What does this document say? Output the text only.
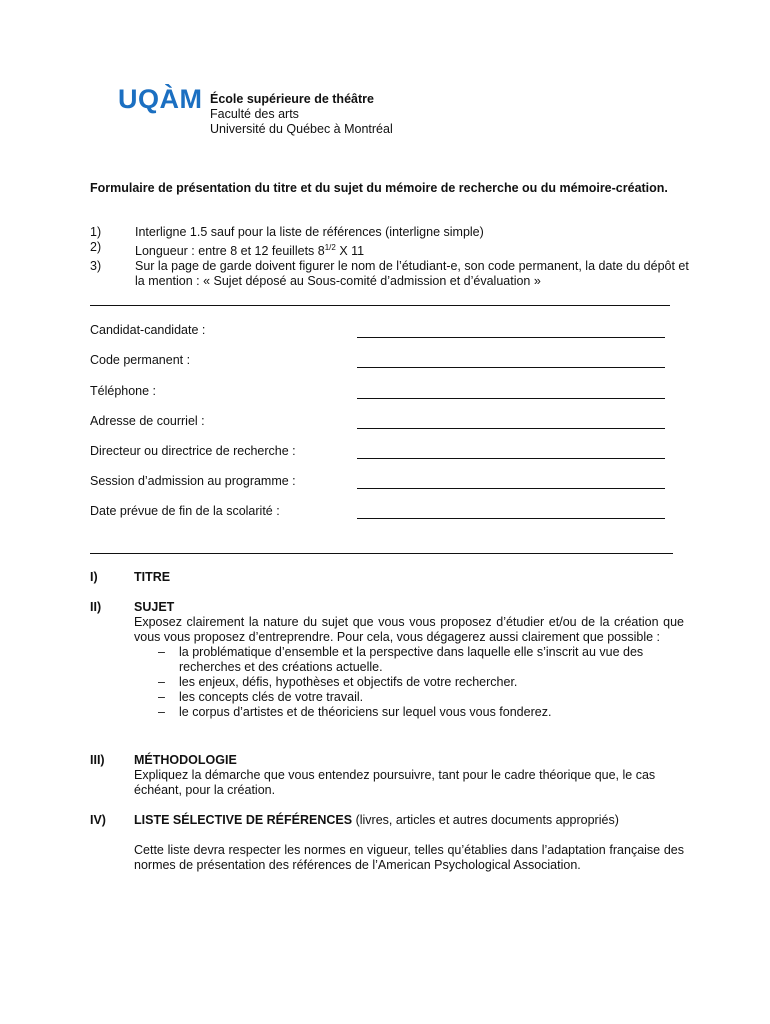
UQÀM École supérieure de théâtre
Faculté des arts
Université du Québec à Montréal
Formulaire de présentation du titre et du sujet du mémoire de recherche ou du mémoire-création.
1)	Interligne 1.5 sauf pour la liste de références (interligne simple)
2)	Longueur : entre 8 et 12 feuillets $8^{1/2}$ X 11
3)	Sur la page de garde doivent figurer le nom de l’étudiant-e, son code permanent, la date du dépôt et la mention : « Sujet déposé au Sous-comité d’admission et d’évaluation »
Candidat-candidate :
Code permanent :
Téléphone :
Adresse de courriel :
Directeur ou directrice de recherche :
Session d’admission au programme :
Date prévue de fin de la scolarité :
I)	TITRE
II)	SUJET
Exposez clairement la nature du sujet que vous vous proposez d’étudier et/ou de la création que vous vous proposez d’entreprendre. Pour cela, vous dégagerez aussi clairement que possible :
– la problématique d’ensemble et la perspective dans laquelle elle s’inscrit au vue des recherches et des créations actuelle.
– les enjeux, défis, hypothèses et objectifs de votre rechercher.
– les concepts clés de votre travail.
– le corpus d’artistes et de théoriciens sur lequel vous vous fonderez.
III)	MÉTHODOLOGIE
Expliquez la démarche que vous entendez poursuivre, tant pour le cadre théorique que, le cas échéant, pour la création.
IV)	LISTE SÉLECTIVE DE RÉFÉRENCES (livres, articles et autres documents appropriés)
Cette liste devra respecter les normes en vigueur, telles qu’établies dans l’adaptation française des normes de présentation des références de l’American Psychological Association.
